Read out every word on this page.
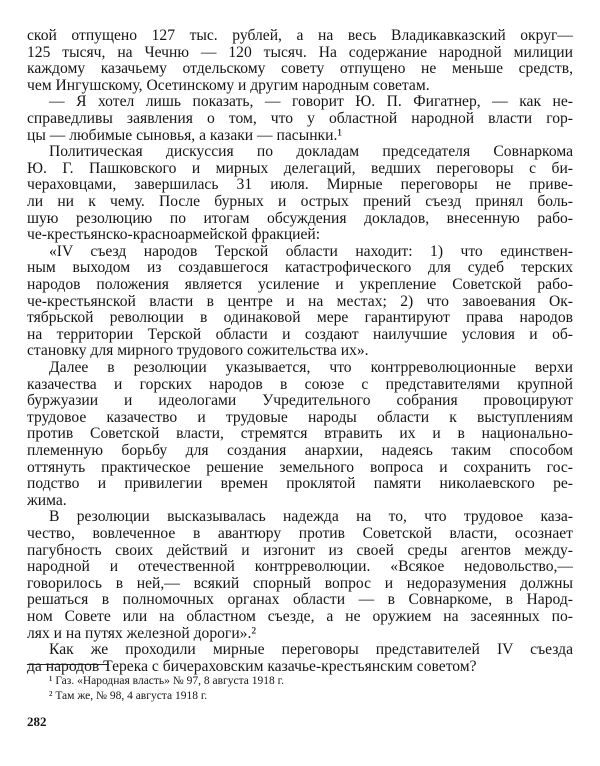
ской отпущено 127 тыс. рублей, а на весь Владикавказский округ—
125 тысяч, на Чечню — 120 тысяч. На содержание народной милиции
каждому казачьему отдельскому совету отпущено не меньше средств,
чем Ингушскому, Осетинскому и другим народным советам.
— Я хотел лишь показать, — говорит Ю. П. Фигатнер, — как не-
справедливы заявления о том, что у областной народной власти гор-
цы — любимые сыновья, а казаки — пасынки.¹
Политическая дискуссия по докладам председателя Совнаркома
Ю. Г. Пашковского и мирных делегаций, ведших переговоры с би-
чераховцами, завершилась 31 июля. Мирные переговоры не приве-
ли ни к чему. После бурных и острых прений съезд принял боль-
шую резолюцию по итогам обсуждения докладов, внесенную рабо-
че-крестьянско-красноармейской фракцией:
«IV съезд народов Терской области находит: 1) что единствен-
ным выходом из создавшегося катастрофического для судеб терских
народов положения является усиление и укрепление Советской рабо-
че-крестьянской власти в центре и на местах; 2) что завоевания Ок-
тябрьской революции в одинаковой мере гарантируют права народов
на территории Терской области и создают наилучшие условия и об-
становку для мирного трудового сожительства их».
Далее в резолюции указывается, что контрреволюционные верхи
казачества и горских народов в союзе с представителями крупной
буржуазии и идеологами Учредительного собрания провоцируют
трудовое казачество и трудовые народы области к выступлениям
против Советской власти, стремятся втравить их и в национально-
племенную борьбу для создания анархии, надеясь таким способом
оттянуть практическое решение земельного вопроса и сохранить гос-
подство и привилегии времен проклятой памяти николаевского ре-
жима.
В резолюции высказывалась надежда на то, что трудовое каза-
чество, вовлеченное в авантюру против Советской власти, осознает
пагубность своих действий и изгонит из своей среды агентов между-
народной и отечественной контрреволюции. «Всякое недовольство,—
говорилось в ней,— всякий спорный вопрос и недоразумения должны
решаться в полномочных органах области — в Совнаркоме, в Народ-
ном Совете или на областном съезде, а не оружием на засеянных по-
лях и на путях железной дороги».²
Как же проходили мирные переговоры представителей IV съезда
да народов Терека с бичераховским казачье-крестьянским советом?
¹ Газ. «Народная власть» № 97, 8 августа 1918 г.
² Там же, № 98, 4 августа 1918 г.
282
